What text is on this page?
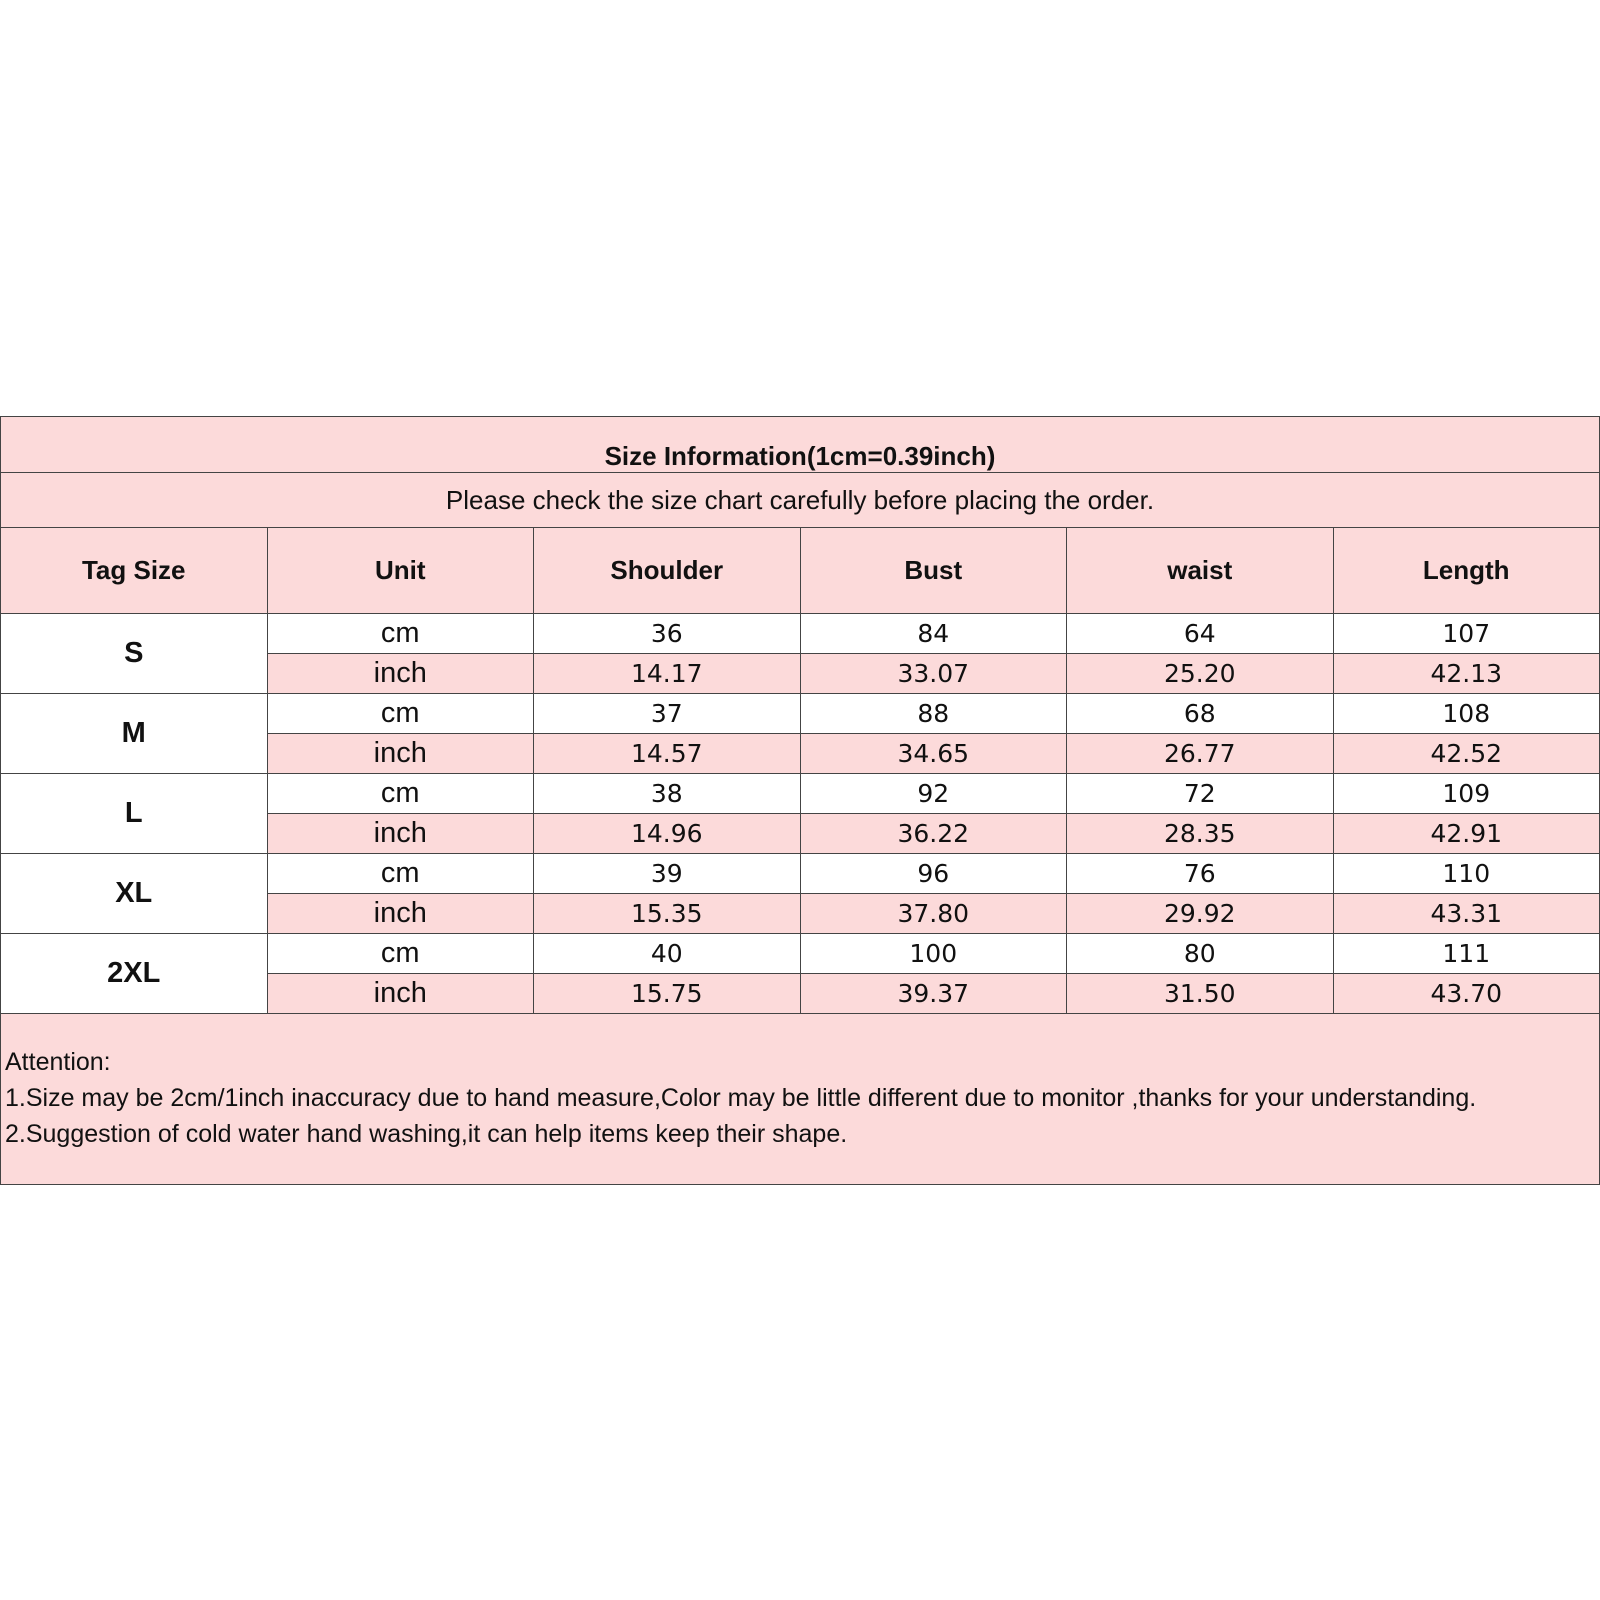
Size Information(1cm=0.39inch)
Please check the size chart carefully before placing the order.
Tag Size	Unit	Shoulder	Bust	waist	Length
S	cm	36	84	64	107
	inch	14.17	33.07	25.20	42.13
M	cm	37	88	68	108
	inch	14.57	34.65	26.77	42.52
L	cm	38	92	72	109
	inch	14.96	36.22	28.35	42.91
XL	cm	39	96	76	110
	inch	15.35	37.80	29.92	43.31
2XL	cm	40	100	80	111
	inch	15.75	39.37	31.50	43.70

Attention:

1.Size may be 2cm/1inch inaccuracy due to hand measure,Color may be little different due to monitor ,thanks for your understanding.

2.Suggestion of cold water hand washing,it can help items keep their shape.
